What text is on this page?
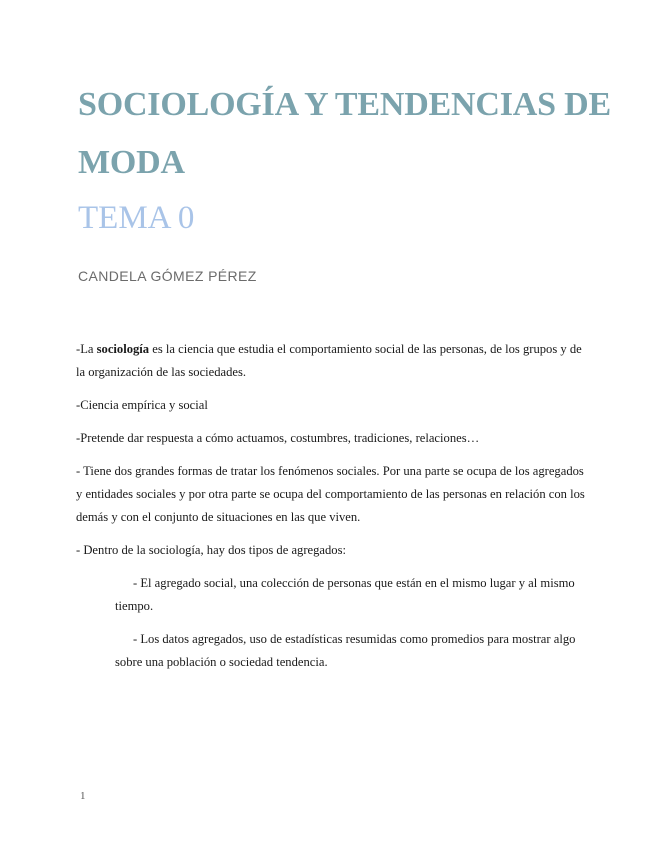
SOCIOLOGÍA Y TENDENCIAS DE MODA
TEMA 0
CANDELA GÓMEZ PÉREZ

-La sociología es la ciencia que estudia el comportamiento social de las personas, de los grupos y de la organización de las sociedades.

-Ciencia empírica y social

-Pretende dar respuesta a cómo actuamos, costumbres, tradiciones, relaciones…

- Tiene dos grandes formas de tratar los fenómenos sociales. Por una parte se ocupa de los agregados y entidades sociales y por otra parte se ocupa del comportamiento de las personas en relación con los demás y con el conjunto de situaciones en las que viven.

- Dentro de la sociología, hay dos tipos de agregados:

- El agregado social, una colección de personas que están en el mismo lugar y al mismo tiempo.

- Los datos agregados, uso de estadísticas resumidas como promedios para mostrar algo sobre una población o sociedad tendencia.

1
